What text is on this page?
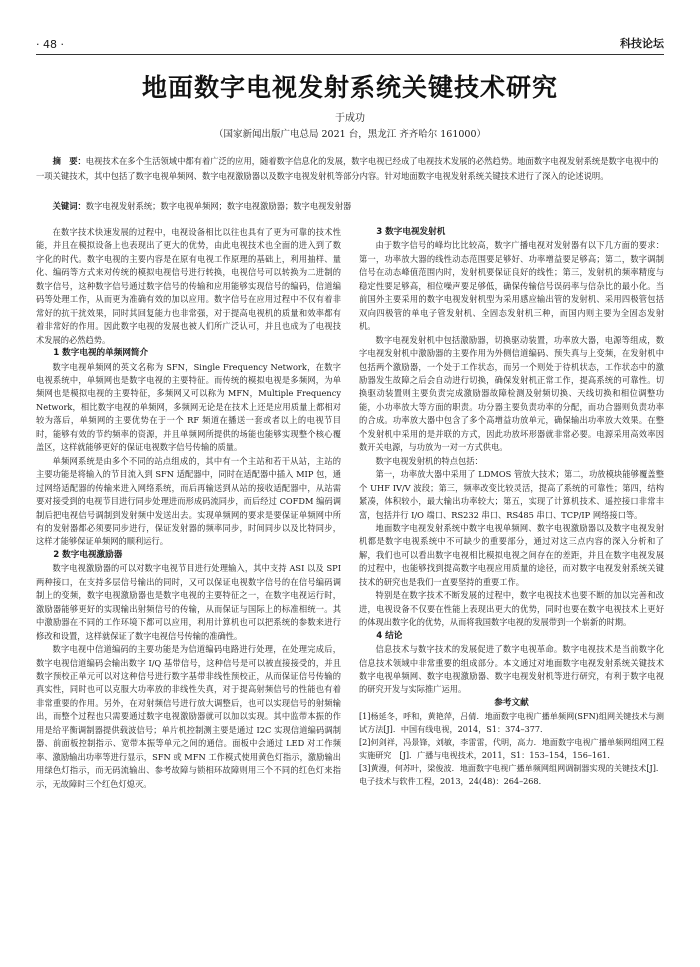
· 48 ·	科技论坛
地面数字电视发射系统关键技术研究
于成功
（国家新闻出版广电总局 2021 台，黑龙江 齐齐哈尔 161000）
摘　要：电视技术在多个生活领域中都有着广泛的应用，随着数字信息化的发展，数字电视已经成了电视技术发展的必然趋势。地面数字电视发射系统是数字电视中的一项关键技术，其中包括了数字电视单频网、数字电视激励器以及数字电视发射机等部分内容。针对地面数字电视发射系统关键技术进行了深入的论述说明。
关键词：数字电视发射系统；数字电视单频网；数字电视激励器；数字电视发射器

在数字技术快速发展的过程中，电视设备相比以往也具有了更为可靠的技术性能，并且在模拟设备上也表现出了更大的优势，由此电视技术也全面的进入到了数字化的时代。数字电视的主要内容是在原有电视工作原理的基础上，利用抽样、量化、编码等方式来对传统的模拟电视信号进行转换，电视信号可以转换为二进制的数字信号，这种数字信号通过数字信号的传输和应用能够实现信号的编码，信道编码等处理工作，从而更为准确有效的加以应用。数字信号在应用过程中不仅有着非常好的抗干扰效果，同时其回复能力也非常强，对于提高电视机的质量和效率都有着非常好的作用。因此数字电视的发展也被人们所广泛认可，并且也成为了电视技术发展的必然趋势。

1 数字电视的单频网简介

数字电视单频网的英文名称为 SFN，Single Frequency Network，在数字电视系统中，单频网也是数字电视的主要特征。而传统的模拟电视是多频网，为单频网也是模拟电视的主要特征，多频网又可以称为 MFN，Multiple Frequency Network，相比数字电视的单频网，多频网无论是在技术上还是应用质量上都相对较为落后，单频网的主要优势在于一个 RF 频道在播送一套或者以上的电视节目时，能够有效的节约频率的资源，并且单频网所提供的场能也能够实现整个核心覆盖区，这样就能够更好的保证电视数字信号传输的质量。

单频网系统是由多个不同的站点组成的，其中有一个主站和若干从站，主站的主要功能是将输入的节目流入到 SFN 适配器中，同时在适配器中插入 MIP 包，通过网络适配器的传输来进入网络系统，而后再输送到从站的接收适配器中，从站需要对接受到的电视节目进行同步处理进而形成码流同步，而后经过 COFDM 编码调制后把电视信号调制到发射频中发送出去。实现单频网的要求是要保证单频网中所有的发射器都必须要同步进行，保证发射器的频率同步，时间同步以及比特同步，这样才能够保证单频网的顺利运行。

2 数字电视激励器

数字电视激励器的可以对数字电视节目进行处理输入，其中支持 ASI 以及 SPI 两种接口，在支持多层信号输出的同时，又可以保证电视数字信号的在信号编码调制上的变频，数字电视激励器也是数字电视的主要特征之一，在数字电视运行时，激励器能够更好的实现输出射频信号的传输，从而保证与国际上的标准相统一。其中激励器在不同的工作环境下都可以应用，利用计算机也可以把系统的参数来进行修改和设置，这样就保证了数字电视信号传输的准确性。

数字电视中信道编码的主要功能是为信道编码电路进行处理，在处理完成后，数字电视信道编码会输出数字 I/Q 基带信号，这种信号是可以被直接接受的，并且数字预校正单元可以对这种信号进行数字基带非线性预校正，从而保证信号传输的真实性，同时也可以克服大功率放的非线性失真，对于提高射频信号的性能也有着非常重要的作用。另外，在对射频信号进行放大调整后，也可以实现信号的射频输出，而整个过程也只需要通过数字电视激励器就可以加以实现。其中监带本振的作用是给平衡调制器提供载波信号；单片机控制测主要是通过 I2C 实现信道编码调制器、前面板控制指示、宽带本振等单元之间的通信。面板中会通过 LED 对工作频率、激励输出功率等进行显示，SFN 或 MFN 工作模式使用黄色灯指示，激励输出用绿色灯指示，而无码流输出、参考故障与锁相环故障则用三个不同的红色灯来指示，无故障时三个红色灯熄灭。

3 数字电视发射机

由于数字信号的峰均比比较高，数字广播电视对发射器有以下几方面的要求：第一，功率放大器的线性动态范围要足够好、功率增益要足够高；第二，数字调制信号在动态峰值范围内时，发射机要保证良好的线性；第三，发射机的频率精度与稳定性要足够高，相位噪声要足够低，确保传输信号误码率与信杂比的最小化。当前国外主要采用的数字电视发射机型为采用感应输出管的发射机、采用四极管包括双向四极管的单电子管发射机、全固态发射机三种，而国内则主要为全固态发射机。

数字电视发射机中包括激励器，切换驱动装置，功率放大器，电源等组成，数字电视发射机中激励器的主要作用为外侧信道编码、预失真与上变频，在发射机中包括两个激励器，一个处于工作状态，而另一个则处于待机状态，工作状态中的激励器发生故障之后会自动进行切换，确保发射机正常工作，提高系统的可靠性。切换驱动装置则主要负责完成激励器故障检测及射频切换、天线切换和相位调整功能，小功率放大等方面的职责。功分器主要负责功率的分配，而功合器则负责功率的合成。功率放大器中包含了多个高增益功放单元，确保输出功率放大效果。在整个发射机中采用的是并联的方式，因此功放坏形器就非常必要。电源采用高效率因数开关电源，与功放为一对一方式供电。

数字电视发射机的特点包括：

第一，功率放大器中采用了 LDMOS 管放大技术；第二，功放模块能够覆盖整个 UHF IV/V 波段；第三，频率改变比较灵活，提高了系统的可靠性；第四，结构紧凑，体积较小，最大输出功率较大；第五，实现了计算机技术、遥控接口非常丰富，包括并行 I/O 端口、RS232 串口、RS485 串口、TCP/IP 网络接口等。

地面数字电视发射系统中数字电视单频网、数字电视激励器以及数字电视发射机都是数字电视系统中不可缺少的重要部分，通过对这三点内容的深入分析和了解，我们也可以看出数字电视相比模拟电视之间存在的差距，并且在数字电视发展的过程中，也能够找到提高数字电视应用质量的途径，而对数字电视发射系统关键技术的研究也是我们一直要坚持的重要工作。

特别是在数字技术不断发展的过程中，数字电视技术也要不断的加以完善和改进，电视设备不仅要在性能上表现出更大的优势，同时也要在数字电视技术上更好的体现出数字化的优势，从而将我国数字电视的发展带到一个崭新的时期。

4 结论

信息技术与数字技术的发展促进了数字电视革命。数字电视技术是当前数字化信息技术领域中非常重要的组成部分。本文通过对地面数字电视发射系统关键技术数字电视单频网、数字电视激励器、数字电视发射机等进行研究，有利于数字电视的研究开发与实际推广运用。

参考文献

[1]杨延冬，呼和，黄艳萍，吕倩．地面数字电视广播单频网(SFN)组网关键技术与测试方法[J]．中国有线电视，2014，S1：374–377．

[2]何剑祥，冯景锋，刘敏，李雷雷，代明，高力．地面数字电视广播单频网组网工程实施研究　[J]．广播与电视技术，2011，S1：153–154，156–161．

[3]黄漫，何苏叶，梁俊波．地面数字电视广播单频网组网调制器实现的关键技术[J]．电子技术与软件工程，2013，24(48)：264–268．
